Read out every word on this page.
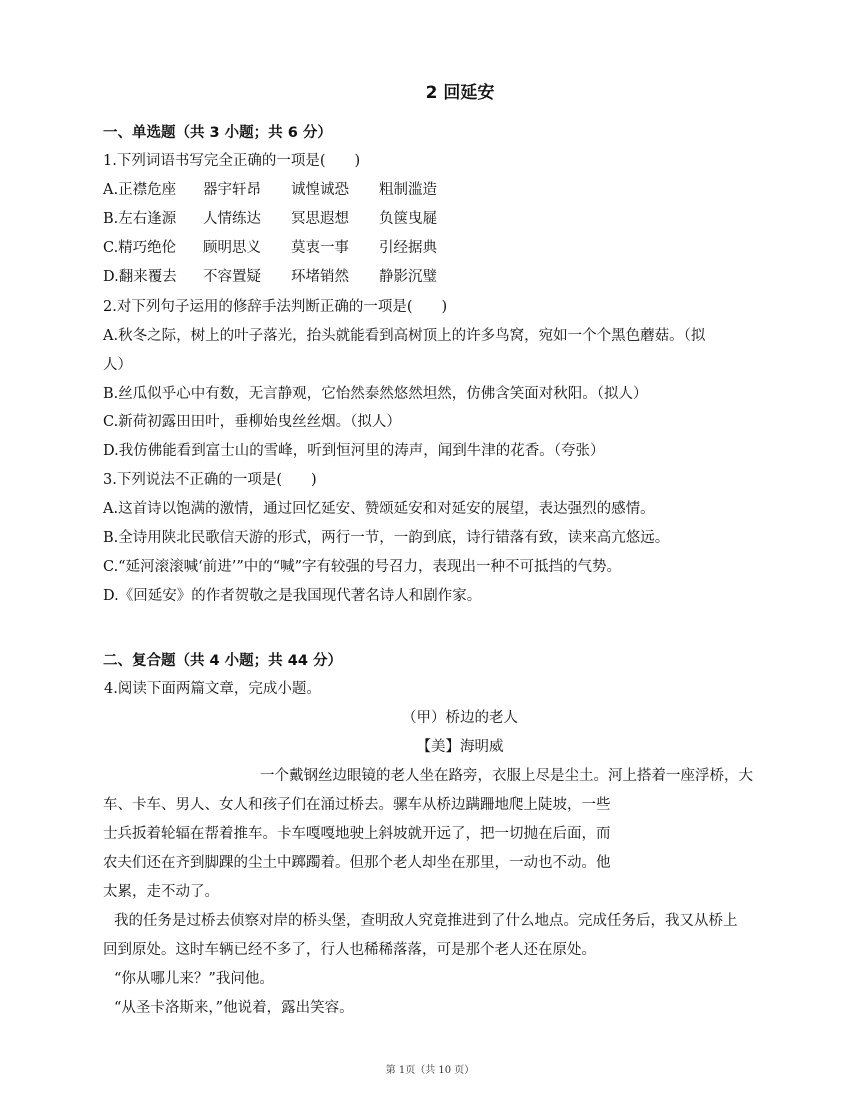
2 回延安
一、单选题（共 3 小题；共 6 分）
1.下列词语书写完全正确的一项是(　　)
A.正襟危座	器宇轩昂	诚惶诚恐	粗制滥造
B.左右逢源	人情练达	冥思遐想	负箧曳屣
C.精巧绝伦	顾明思义	莫衷一事	引经据典
D.翻来覆去	不容置疑	环堵销然	静影沉璧
2.对下列句子运用的修辞手法判断正确的一项是(　　)
A.秋冬之际，树上的叶子落光，抬头就能看到高树顶上的许多鸟窝，宛如一个个黑色蘑菇。（拟
人）
B.丝瓜似乎心中有数，无言静观，它怡然泰然悠然坦然，仿佛含笑面对秋阳。（拟人）
C.新荷初露田田叶，垂柳始曳丝丝烟。（拟人）
D.我仿佛能看到富士山的雪峰，听到恒河里的涛声，闻到牛津的花香。（夸张）
3.下列说法不正确的一项是(　　)
A.这首诗以饱满的激情，通过回忆延安、赞颂延安和对延安的展望，表达强烈的感情。
B.全诗用陕北民歌信天游的形式，两行一节，一韵到底，诗行错落有致，读来高亢悠远。
C.“延河滚滚喊‘前进’”中的“喊”字有较强的号召力，表现出一种不可抵挡的气势。
D.《回延安》的作者贺敬之是我国现代著名诗人和剧作家。
二、复合题（共 4 小题；共 44 分）
4.阅读下面两篇文章，完成小题。
（甲）桥边的老人
【美】海明威
一个戴钢丝边眼镜的老人坐在路旁，衣服上尽是尘土。河上搭着一座浮桥，大
车、卡车、男人、女人和孩子们在涌过桥去。骡车从桥边蹒跚地爬上陡坡，一些
士兵扳着轮辐在帮着推车。卡车嘎嘎地驶上斜坡就开远了，把一切抛在后面，而
农夫们还在齐到脚踝的尘土中踯躅着。但那个老人却坐在那里，一动也不动。他
太累，走不动了。
我的任务是过桥去侦察对岸的桥头堡，查明敌人究竟推进到了什么地点。完成任务后，我又从桥上
回到原处。这时车辆已经不多了，行人也稀稀落落，可是那个老人还在原处。
“你从哪儿来？”我问他。
“从圣卡洛斯来，”他说着，露出笑容。
第 1页（共 10 页）
